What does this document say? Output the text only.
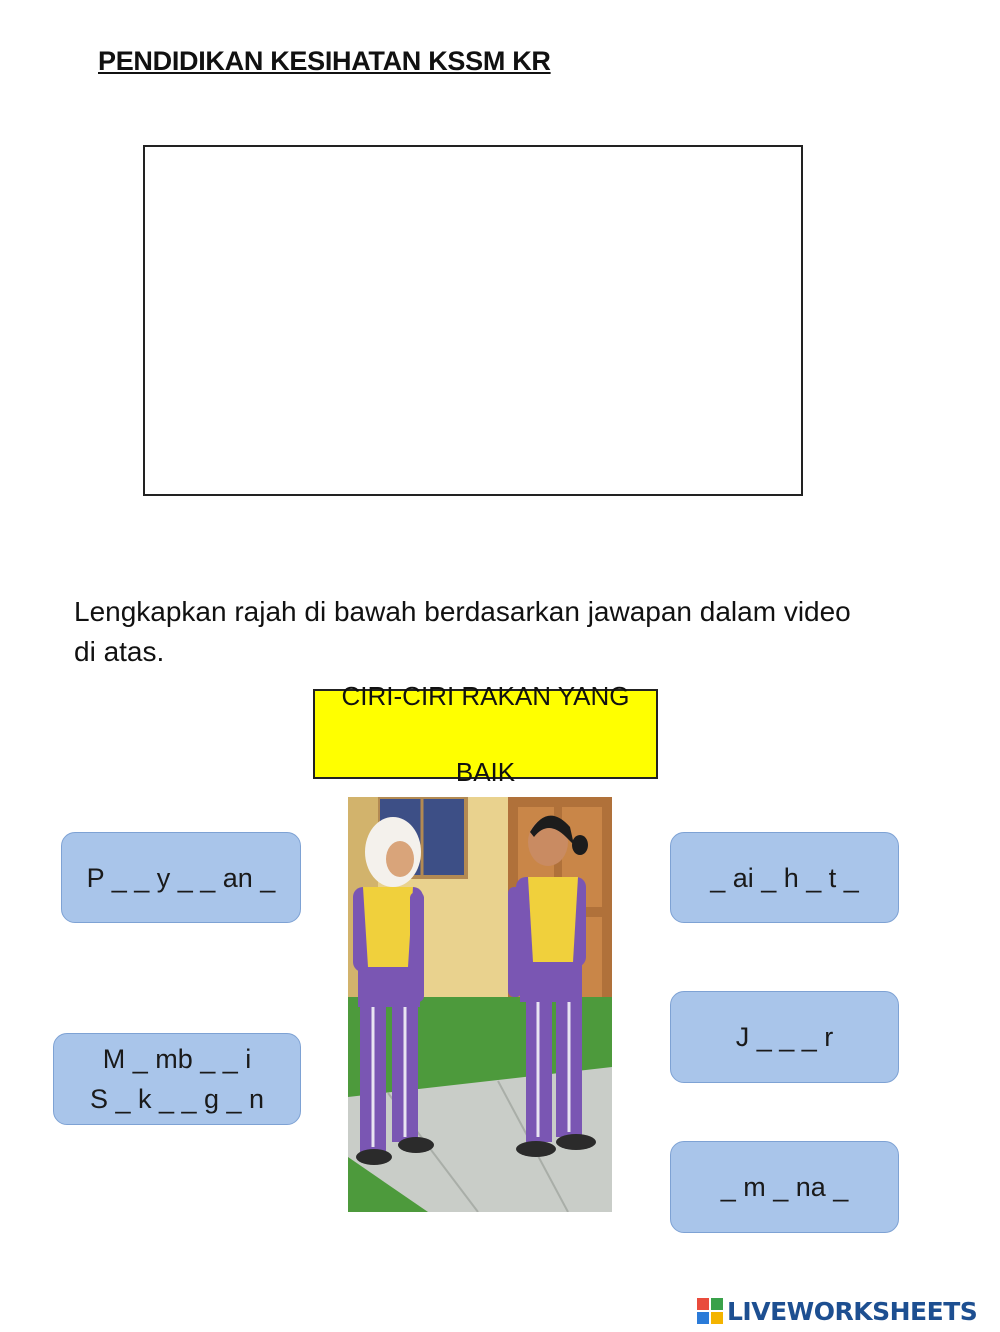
PENDIDIKAN KESIHATAN KSSM KR
Lengkapkan rajah di bawah berdasarkan jawapan dalam video di atas.
CIRI-CIRI RAKAN YANG

BAIK
P _ _ y _ _ an _
M _ mb _ _ i
S _ k _ _ g _ n
_ ai _ h _ t _
J _ _ _ r
_ m _ na _
LIVEWORKSHEETS
